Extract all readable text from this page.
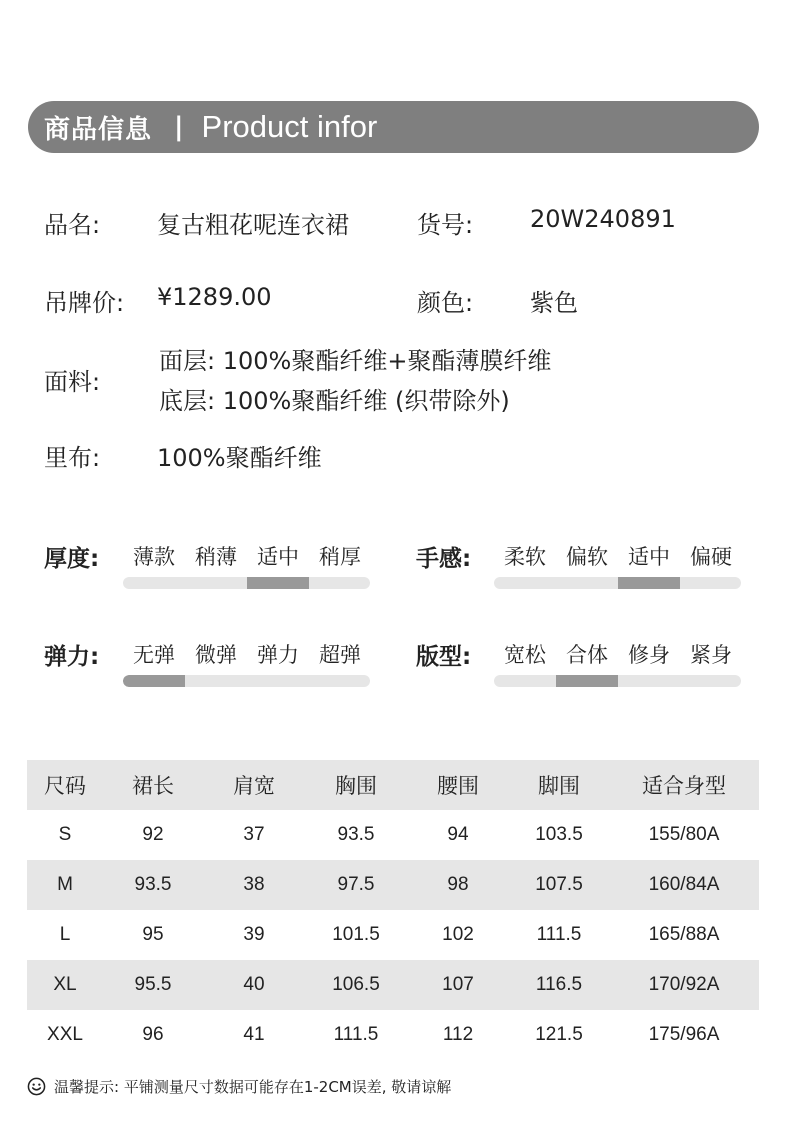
商品信息 | Product infor
品名: 复古粗花呢连衣裙	货号: 20W240891
吊牌价: ¥1289.00	颜色: 紫色
面料:
面层: 100%聚酯纤维+聚酯薄膜纤维
底层: 100%聚酯纤维 (织带除外)
里布: 100%聚酯纤维
厚度:	薄款 稍薄 适中 稍厚	手感:	柔软 偏软 适中 偏硬
弹力:	无弹 微弹 弹力 超弹	版型:	宽松 合体 修身 紧身
尺码	裙长	肩宽	胸围	腰围	脚围	适合身型
S	92	37	93.5	94	103.5	155/80A
M	93.5	38	97.5	98	107.5	160/84A
L	95	39	101.5	102	111.5	165/88A
XL	95.5	40	106.5	107	116.5	170/92A
XXL	96	41	111.5	112	121.5	175/96A
温馨提示: 平铺测量尺寸数据可能存在1-2CM误差, 敬请谅解
